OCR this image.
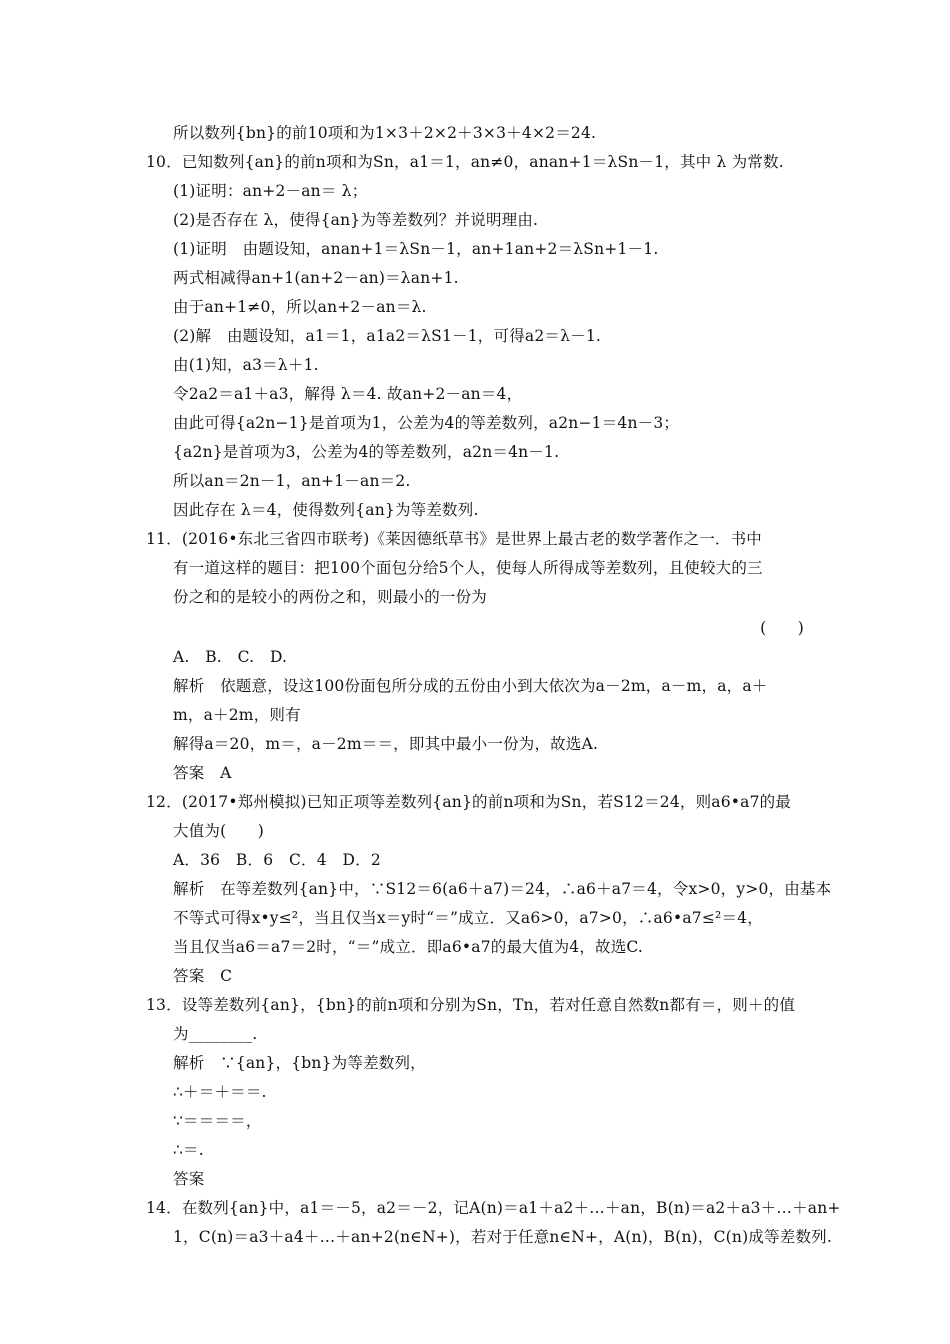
所以数列{bn}的前10项和为1×3＋2×2＋3×3＋4×2＝24.
10．已知数列{an}的前n项和为Sn，a1＝1，an≠0，anan+1＝λSn－1，其中 λ 为常数.
(1)证明：an+2－an＝ λ；
(2)是否存在 λ，使得{an}为等差数列？并说明理由.
(1)证明　由题设知，anan+1＝λSn－1，an+1an+2＝λSn+1－1.
两式相减得an+1(an+2－an)＝λan+1.
由于an+1≠0，所以an+2－an＝λ.
(2)解　由题设知，a1＝1，a1a2＝λS1－1，可得a2＝λ－1.
由(1)知，a3＝λ＋1.
令2a2＝a1＋a3，解得 λ＝4. 故an+2－an＝4，
由此可得{a2n−1}是首项为1，公差为4的等差数列，a2n−1＝4n－3；
{a2n}是首项为3，公差为4的等差数列，a2n＝4n－1.
所以an＝2n－1，an+1－an＝2.
因此存在 λ＝4，使得数列{an}为等差数列.
11．(2016•东北三省四市联考)《莱因德纸草书》是世界上最古老的数学著作之一．书中
有一道这样的题目：把100个面包分给5个人，使每人所得成等差数列，且使较大的三
份之和的是较小的两份之和，则最小的一份为
(　　)
A.　B.　C.　D.
解析　依题意，设这100份面包所分成的五份由小到大依次为a－2m，a－m，a，a＋
m，a＋2m，则有
解得a＝20，m＝，a－2m＝＝，即其中最小一份为，故选A.
答案　A
12．(2017•郑州模拟)已知正项等差数列{an}的前n项和为Sn，若S12＝24，则a6•a7的最
大值为(　　)
A．36　B．6　C．4　D．2
解析　在等差数列{an}中，∵S12＝6(a6＋a7)＝24，∴a6＋a7＝4，令x>0，y>0，由基本
不等式可得x•y≤²，当且仅当x＝y时“＝”成立．又a6>0，a7>0，∴a6•a7≤²＝4，
当且仅当a6＝a7＝2时，“＝”成立．即a6•a7的最大值为4，故选C.
答案　C
13．设等差数列{an}，{bn}的前n项和分别为Sn，Tn，若对任意自然数n都有＝，则＋的值
为________.
解析　∵{an}，{bn}为等差数列，
∴＋＝＋＝＝.
∵＝＝＝＝，
∴＝.
答案
14．在数列{an}中，a1＝－5，a2＝－2，记A(n)＝a1＋a2＋…＋an，B(n)＝a2＋a3＋…＋an+
1，C(n)＝a3＋a4＋…＋an+2(n∈N+)，若对于任意n∈N+，A(n)，B(n)，C(n)成等差数列.
